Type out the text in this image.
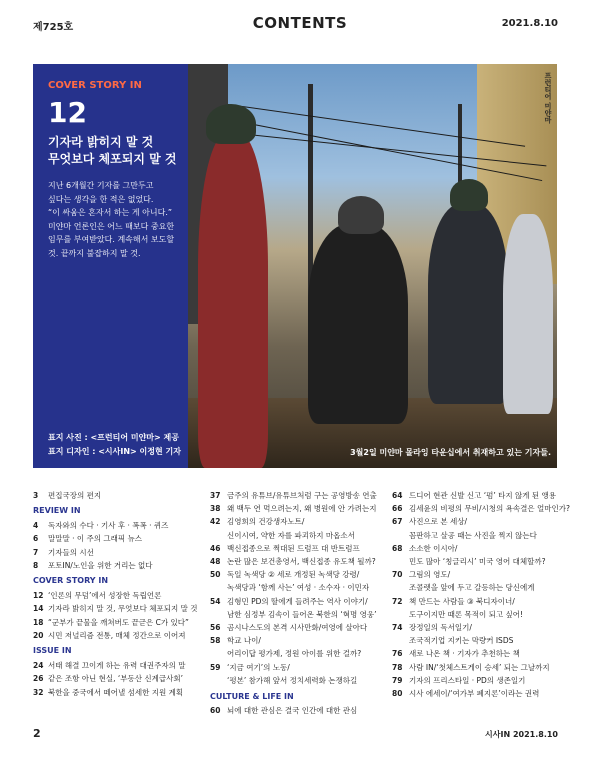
제725호	CONTENTS	2021.8.10
프런티어 미얀마
3월2일 미얀마 몰라잉 타운십에서 취재하고 있는 기자들.
COVER STORY IN
12
기자라 밝히지 말 것
무엇보다 체포되지 말 것
지난 6개월간 기자를 그만두고
싶다는 생각을 한 적은 없었다.
“이 싸움은 혼자서 하는 게 아니다.”
미얀마 언론인은 어느 때보다 중요한
임무를 부여받았다. 계속해서 보도할
것. 끝까지 불잡하지 말 것.
표지 사진 : <프런티어 미얀마> 제공
표지 디자인 : <시사IN> 이정현 기자
3 편집국장의 편지
REVIEW IN
4 독자와의 수다 · 기사 후 · 폭폭 · 퀴즈
6 말말말 · 이 주의 그래픽 뉴스
7 기자들의 시선
8 포토IN/노인을 위한 거리는 없다
COVER STORY IN
12 ‘인론의 무덤’에서 성장한 독립언론
14 기자라 밝히지 말 것, 무엇보다 체포되지 말 것
18 “군부가 끝물을 깨쳐버도 끝귿은 C가 있다”
20 시민 저널리즘 전통, 매체 정간으로 이어져
ISSUE IN
24 서태 해결 끄이게 하는 유력 대권주자의 말
26 같은 조항 아닌 현실, ‘부동산 신계급사회’
32 북한을 중국에서 떼어낼 섬세한 지원 계획
37 금주의 유튜브/유튜브처럼 구는 공영방송 연출
38 왜 백두 연 먹으려는지, 왜 병원에 안 가려는지
42 김영희의 건강생자노트/
신이시여, 약한 자를 파괴하지 마옵소서
46 백신접종으로 쩍대된 드럼프 대 반트럼프
48 논란 많은 보건총영서, 백신접종 유도책 될까?
50 독일 녹색당 ② 세로 개정된 녹색당 강령/
녹색당과 ‘함께 사는’ 여성 · 소수자 · 이민자
54 김형민 PD의 딸에게 들려주는 역사 이야기/
남한 심정부 김속이 들어온 북한의 ‘혁명 영웅’
56 곰시나스도의 본격 시사만화/여영에 살아다
58 학교 나이/
어리이답 평가제, 정원 아이를 위한 걸까?
59 ‘지금 여기’의 노동/
‘평본’ 참가해 앞서 정치세력화 논쟁하길
CULTURE & LIFE IN
60 뇌에 대한 관심은 결국 인간에 대한 관심
64 드디어 현관 신발 신고 ‘펌’ 타지 않게 된 앵용
66 김세윤의 비평의 무비/시청의 욕속결은 얼마인가?
67 사진으로 본 세상/
꼼판하고 살공 때는 사진을 찍지 않는다
68 소소한 이시아/
민도 많아 ‘칭글리시’ 미국 영어 대체할까?
70 그림의 영도/
조콜렛을 앞에 두고 갈등하는 당신에게
72 책 만드는 사람들 ③ 북디자이너/
도구이지만 때론 목적이 되고 싶어!
74 장정일의 독서일기/
조국적기업 지키는 막량커 ISDS
76 새로 나온 책 · 기자가 추천하는 책
78 사람 IN/‘첫체스트게이 승세’ 되는 그날까지
79 기자의 프리스타일 · PD의 생존일기
80 시사 에세이/‘여가부 폐지론’이라는 권력
2	시사IN 2021.8.10
